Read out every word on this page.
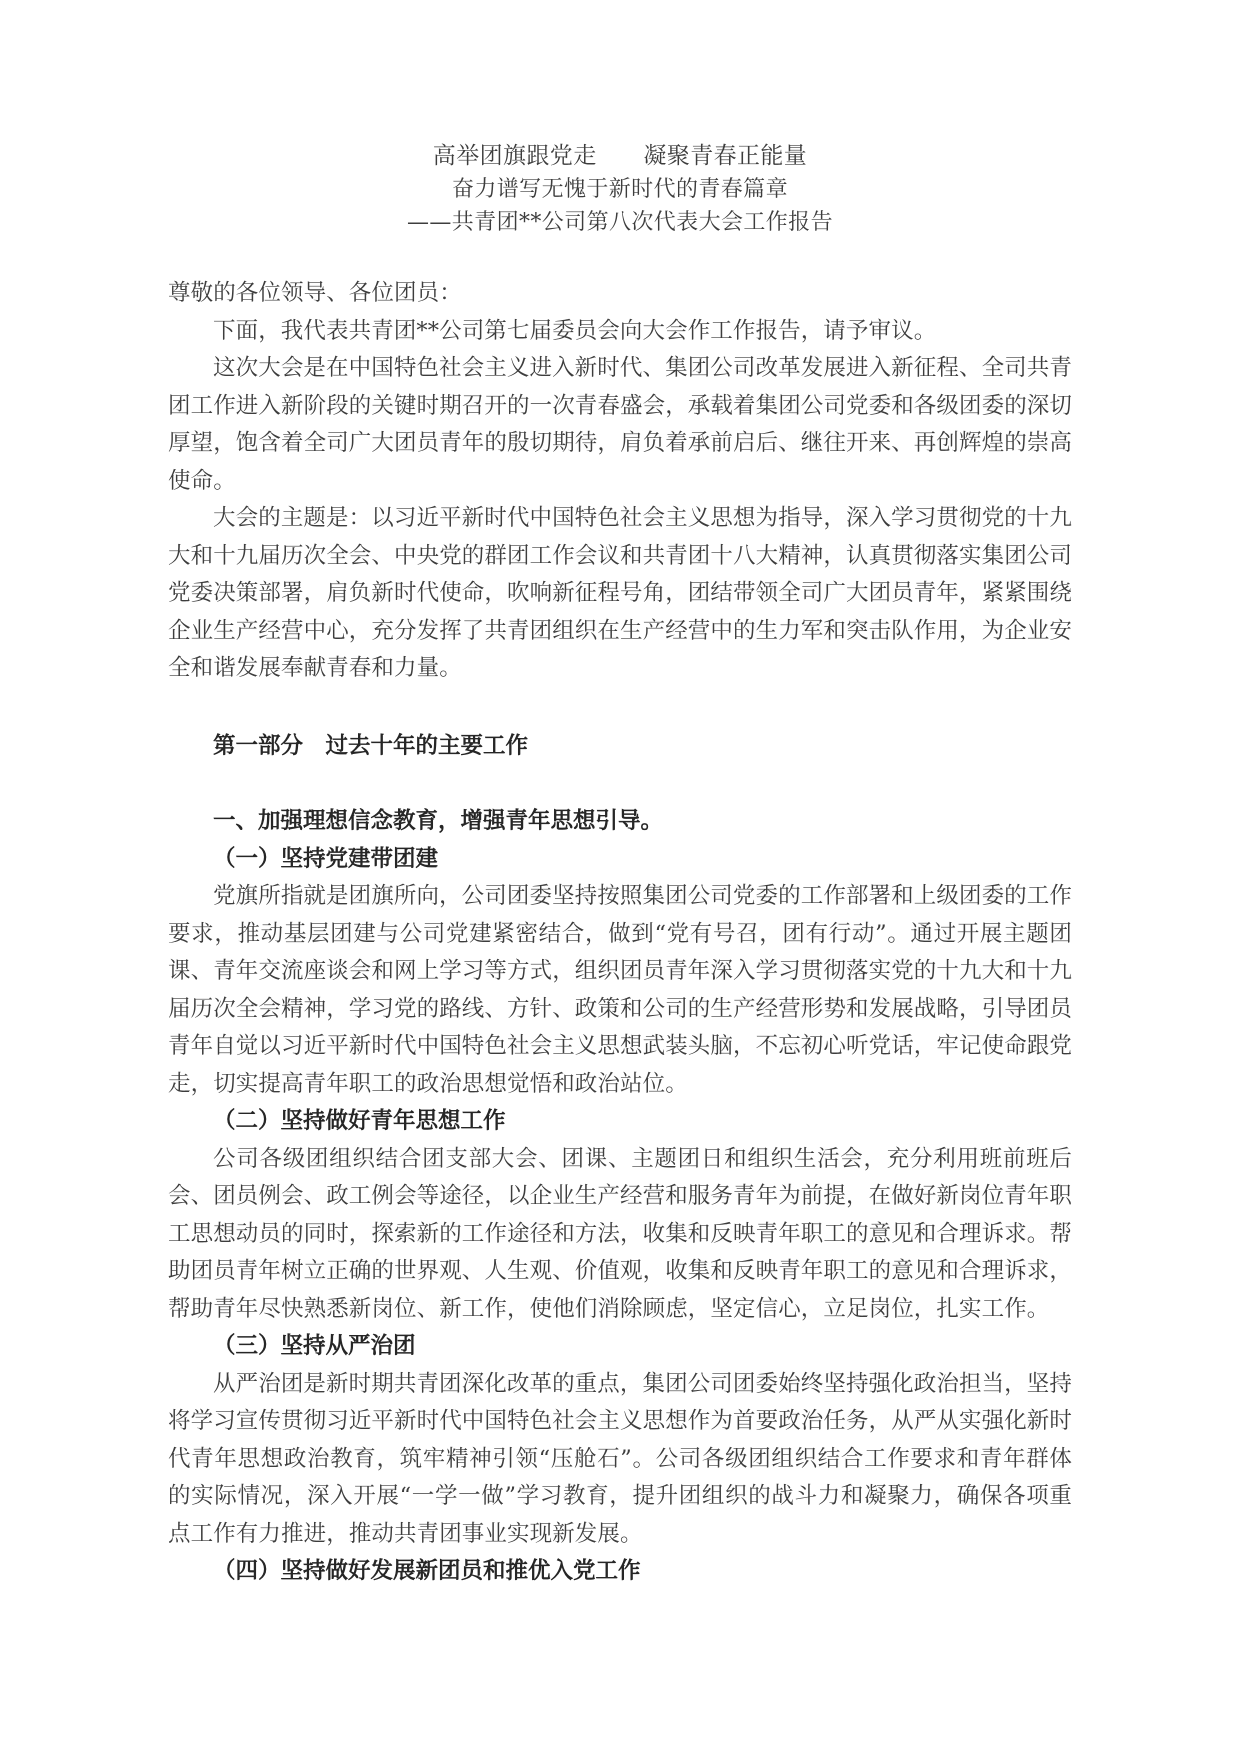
高举团旗跟党走　　凝聚青春正能量
奋力谱写无愧于新时代的青春篇章
——共青团**公司第八次代表大会工作报告

尊敬的各位领导、各位团员：

下面，我代表共青团**公司第七届委员会向大会作工作报告，请予审议。

这次大会是在中国特色社会主义进入新时代、集团公司改革发展进入新征程、全司共青团工作进入新阶段的关键时期召开的一次青春盛会，承载着集团公司党委和各级团委的深切厚望，饱含着全司广大团员青年的殷切期待，肩负着承前启后、继往开来、再创辉煌的崇高使命。

大会的主题是：以习近平新时代中国特色社会主义思想为指导，深入学习贯彻党的十九大和十九届历次全会、中央党的群团工作会议和共青团十八大精神，认真贯彻落实集团公司党委决策部署，肩负新时代使命，吹响新征程号角，团结带领全司广大团员青年，紧紧围绕企业生产经营中心，充分发挥了共青团组织在生产经营中的生力军和突击队作用，为企业安全和谐发展奉献青春和力量。

第一部分　过去十年的主要工作
一、加强理想信念教育，增强青年思想引导。
（一）坚持党建带团建

党旗所指就是团旗所向，公司团委坚持按照集团公司党委的工作部署和上级团委的工作要求，推动基层团建与公司党建紧密结合，做到“党有号召，团有行动”。通过开展主题团课、青年交流座谈会和网上学习等方式，组织团员青年深入学习贯彻落实党的十九大和十九届历次全会精神，学习党的路线、方针、政策和公司的生产经营形势和发展战略，引导团员青年自觉以习近平新时代中国特色社会主义思想武装头脑，不忘初心听党话，牢记使命跟党走，切实提高青年职工的政治思想觉悟和政治站位。

（二）坚持做好青年思想工作

公司各级团组织结合团支部大会、团课、主题团日和组织生活会，充分利用班前班后会、团员例会、政工例会等途径，以企业生产经营和服务青年为前提，在做好新岗位青年职工思想动员的同时，探索新的工作途径和方法，收集和反映青年职工的意见和合理诉求。帮助团员青年树立正确的世界观、人生观、价值观，收集和反映青年职工的意见和合理诉求，帮助青年尽快熟悉新岗位、新工作，使他们消除顾虑，坚定信心，立足岗位，扎实工作。

（三）坚持从严治团

从严治团是新时期共青团深化改革的重点，集团公司团委始终坚持强化政治担当，坚持将学习宣传贯彻习近平新时代中国特色社会主义思想作为首要政治任务，从严从实强化新时代青年思想政治教育，筑牢精神引领“压舱石”。公司各级团组织结合工作要求和青年群体的实际情况，深入开展“一学一做”学习教育，提升团组织的战斗力和凝聚力，确保各项重点工作有力推进，推动共青团事业实现新发展。

（四）坚持做好发展新团员和推优入党工作
